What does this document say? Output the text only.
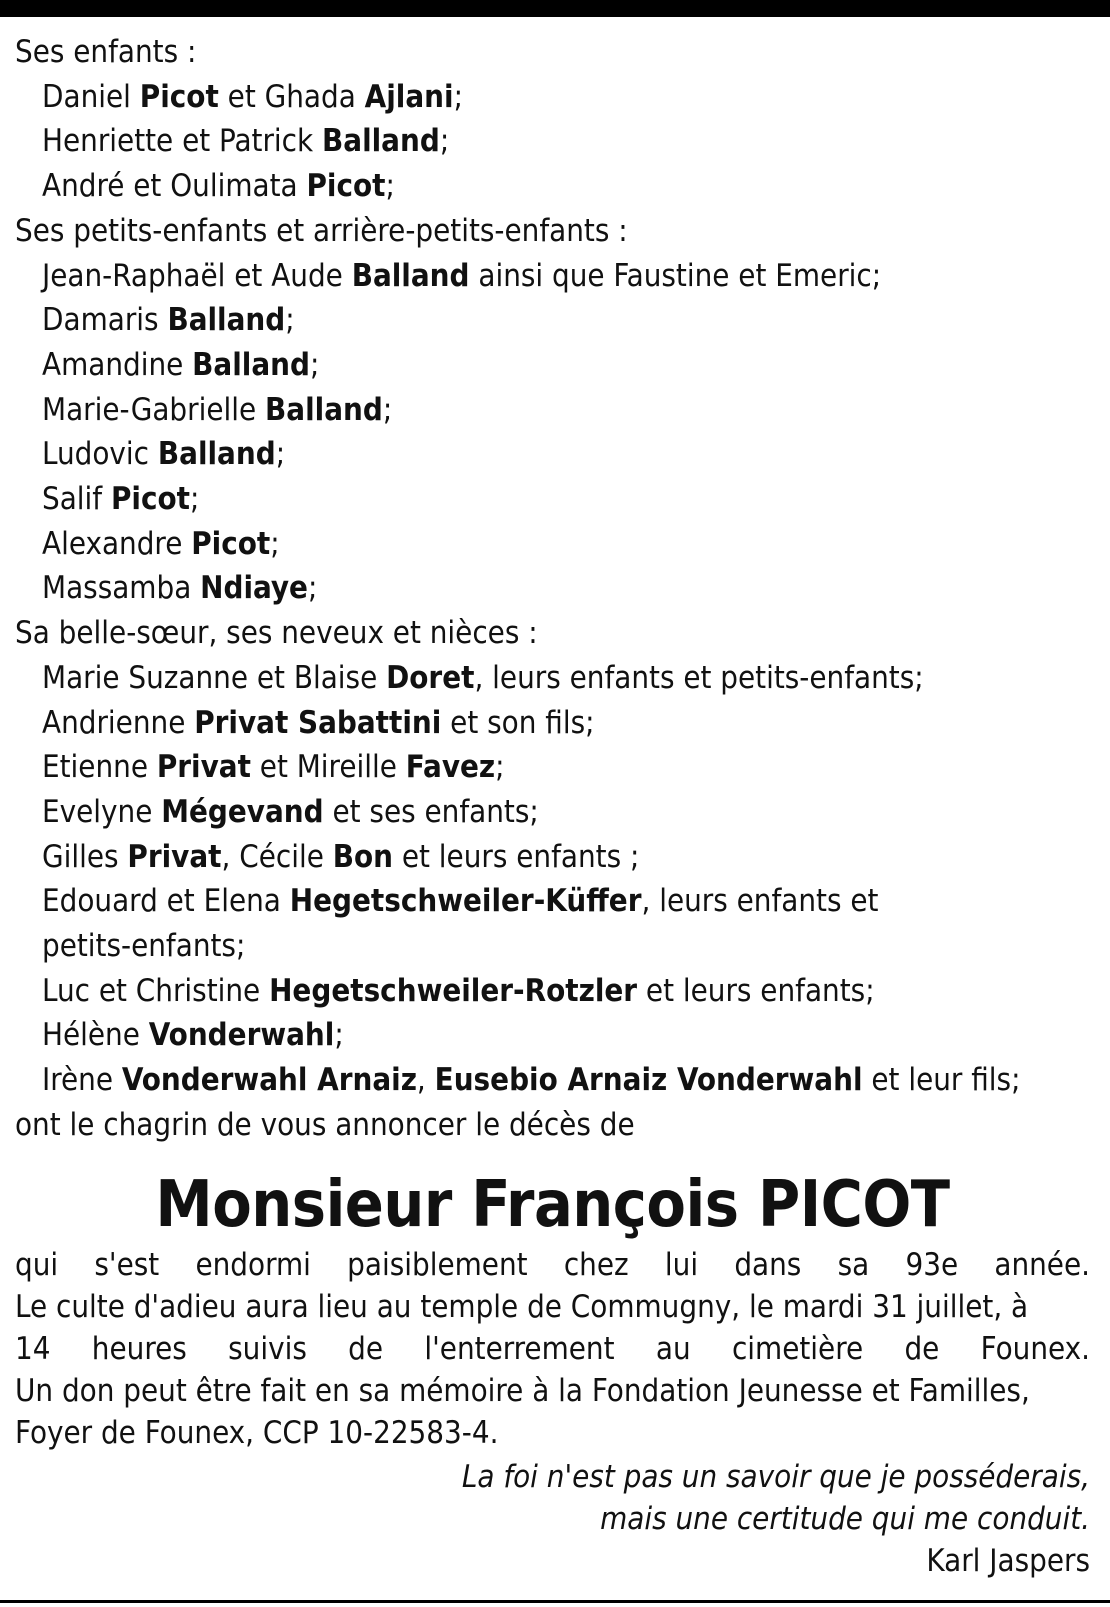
Ses enfants :
Daniel Picot et Ghada Ajlani;
Henriette et Patrick Balland;
André et Oulimata Picot;
Ses petits-enfants et arrière-petits-enfants :
Jean-Raphaël et Aude Balland ainsi que Faustine et Emeric;
Damaris Balland;
Amandine Balland;
Marie-Gabrielle Balland;
Ludovic Balland;
Salif Picot;
Alexandre Picot;
Massamba Ndiaye;
Sa belle-sœur, ses neveux et nièces :
Marie Suzanne et Blaise Doret, leurs enfants et petits-enfants;
Andrienne Privat Sabattini et son fils;
Etienne Privat et Mireille Favez;
Evelyne Mégevand et ses enfants;
Gilles Privat, Cécile Bon et leurs enfants ;
Edouard et Elena Hegetschweiler-Küffer, leurs enfants et
petits-enfants;
Luc et Christine Hegetschweiler-Rotzler et leurs enfants;
Hélène Vonderwahl;
Irène Vonderwahl Arnaiz, Eusebio Arnaiz Vonderwahl et leur fils;
ont le chagrin de vous annoncer le décès de
Monsieur François PICOT
qui s'est endormi paisiblement chez lui dans sa 93e année.
Le culte d'adieu aura lieu au temple de Commugny, le mardi 31 juillet, à
14 heures suivis de l'enterrement au cimetière de Founex.
Un don peut être fait en sa mémoire à la Fondation Jeunesse et Familles,
Foyer de Founex, CCP 10-22583-4.
La foi n'est pas un savoir que je posséderais,
mais une certitude qui me conduit.
Karl Jaspers
